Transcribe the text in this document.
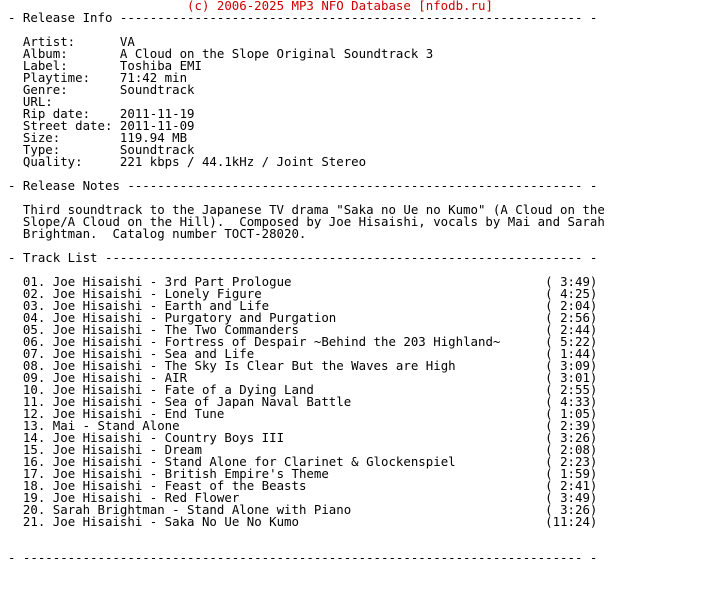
(c) 2006-2025 MP3 NFO Database [nfodb.ru]
- Release Info -------------------------------------------------------------- -

Artist:      VA
Album:       A Cloud on the Slope Original Soundtrack 3
Label:       Toshiba EMI
Playtime:    71:42 min
Genre:       Soundtrack
URL:
Rip date:    2011-11-19
Street date: 2011-11-09
Size:        119.94 MB
Type:        Soundtrack
Quality:     221 kbps / 44.1kHz / Joint Stereo

- Release Notes ------------------------------------------------------------- -

Third soundtrack to the Japanese TV drama "Saka no Ue no Kumo" (A Cloud on the
Slope/A Cloud on the Hill).  Composed by Joe Hisaishi, vocals by Mai and Sarah
Brightman.  Catalog number TOCT-28020.

- Track List ---------------------------------------------------------------- -

01. Joe Hisaishi - 3rd Part Prologue                                  ( 3:49)
02. Joe Hisaishi - Lonely Figure                                      ( 4:25)
03. Joe Hisaishi - Earth and Life                                     ( 2:04)
04. Joe Hisaishi - Purgatory and Purgation                            ( 2:56)
05. Joe Hisaishi - The Two Commanders                                 ( 2:44)
06. Joe Hisaishi - Fortress of Despair ~Behind the 203 Highland~      ( 5:22)
07. Joe Hisaishi - Sea and Life                                       ( 1:44)
08. Joe Hisaishi - The Sky Is Clear But the Waves are High            ( 3:09)
09. Joe Hisaishi - AIR                                                ( 3:01)
10. Joe Hisaishi - Fate of a Dying Land                               ( 2:55)
11. Joe Hisaishi - Sea of Japan Naval Battle                          ( 4:33)
12. Joe Hisaishi - End Tune                                           ( 1:05)
13. Mai - Stand Alone                                                 ( 2:39)
14. Joe Hisaishi - Country Boys III                                   ( 3:26)
15. Joe Hisaishi - Dream                                              ( 2:08)
16. Joe Hisaishi - Stand Alone for Clarinet & Glockenspiel            ( 2:23)
17. Joe Hisaishi - British Empire's Theme                             ( 1:59)
18. Joe Hisaishi - Feast of the Beasts                                ( 2:41)
19. Joe Hisaishi - Red Flower                                         ( 3:49)
20. Sarah Brightman - Stand Alone with Piano                          ( 3:26)
21. Joe Hisaishi - Saka No Ue No Kumo                                 (11:24)

- --------------------------------------------------------------------------- -
